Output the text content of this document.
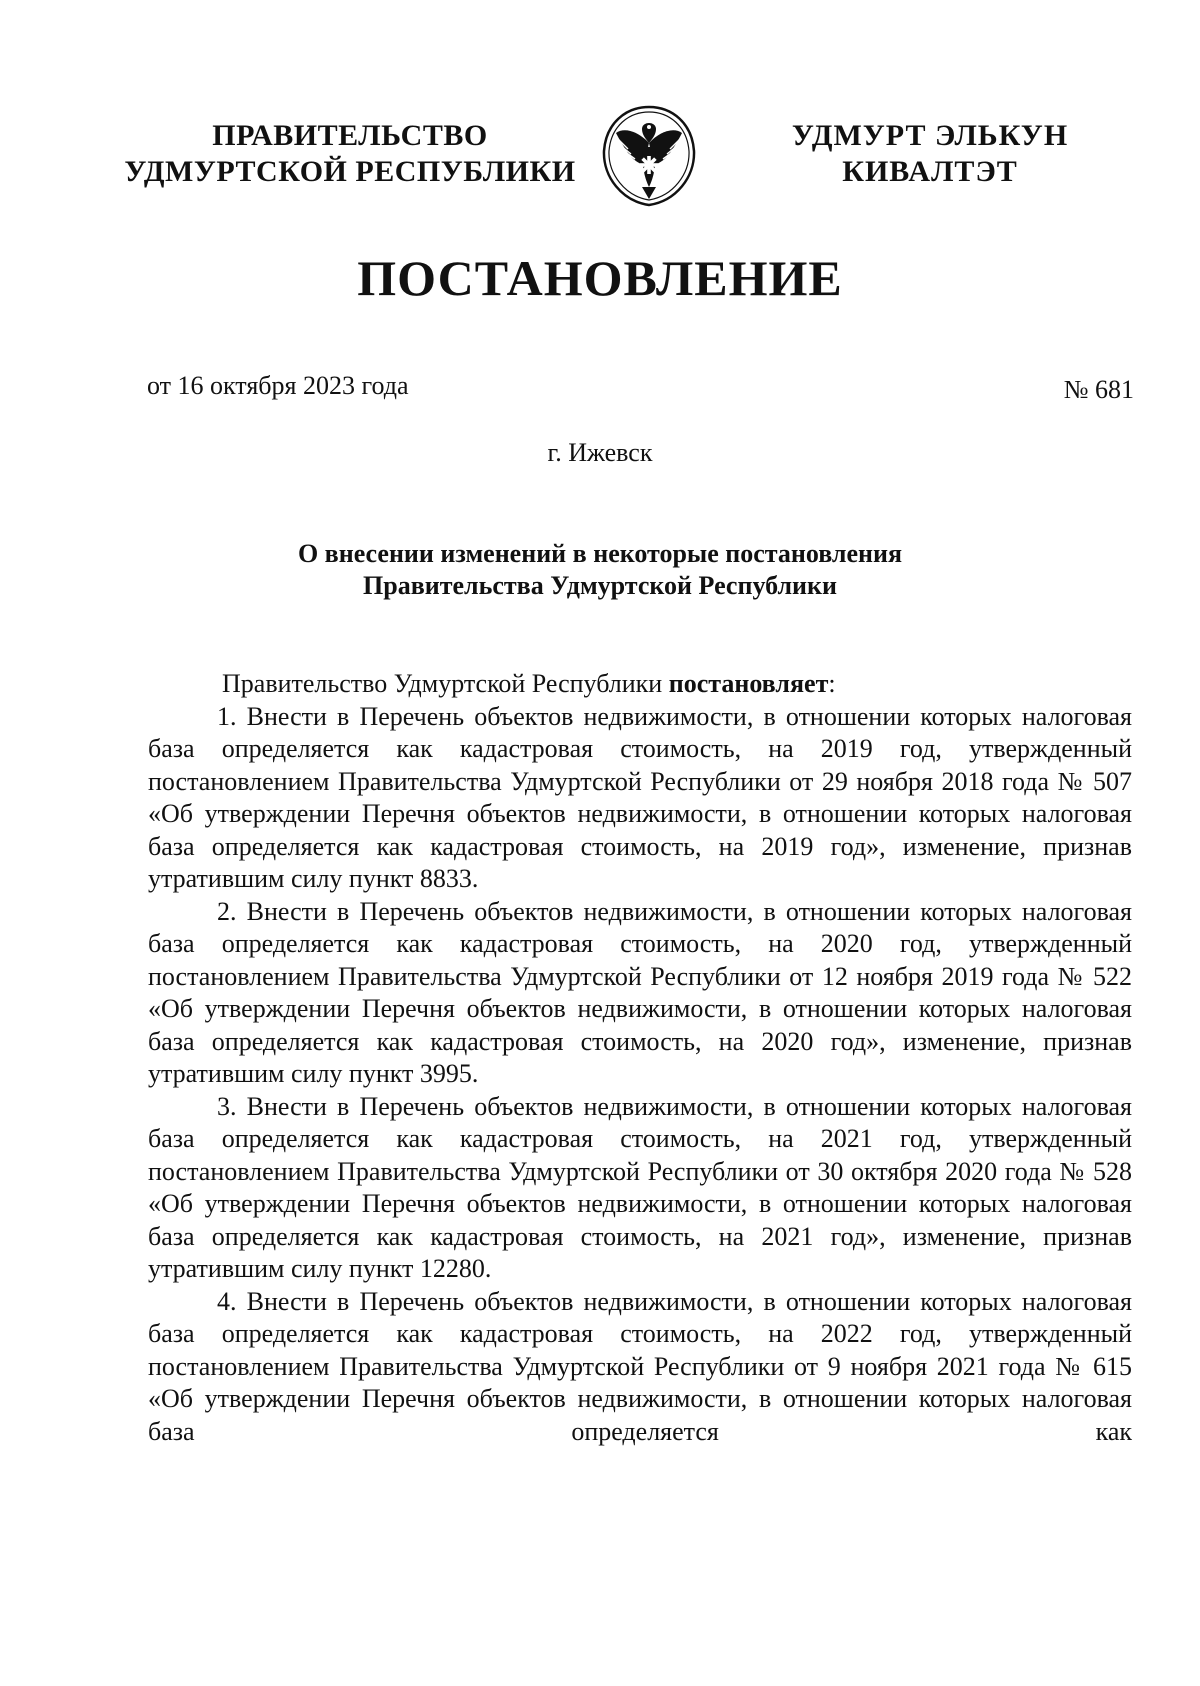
ПРАВИТЕЛЬСТВО
УДМУРТСКОЙ РЕСПУБЛИКИ
УДМУРТ ЭЛЬКУН
КИВАЛТЭТ
ПОСТАНОВЛЕНИЕ
от 16 октября 2023 года	№ 681
г. Ижевск
О внесении изменений в некоторые постановления
Правительства Удмуртской Республики

Правительство Удмуртской Республики постановляет:

1. Внести в Перечень объектов недвижимости, в отношении которых налоговая база определяется как кадастровая стоимость, на 2019 год, утвержденный постановлением Правительства Удмуртской Республики от 29 ноября 2018 года № 507 «Об утверждении Перечня объектов недвижимости, в отношении которых налоговая база определяется как кадастровая стоимость, на 2019 год», изменение, признав утратившим силу пункт 8833.

2. Внести в Перечень объектов недвижимости, в отношении которых налоговая база определяется как кадастровая стоимость, на 2020 год, утвержденный постановлением Правительства Удмуртской Республики от 12 ноября 2019 года № 522 «Об утверждении Перечня объектов недвижимости, в отношении которых налоговая база определяется как кадастровая стоимость, на 2020 год», изменение, признав утратившим силу пункт 3995.

3. Внести в Перечень объектов недвижимости, в отношении которых налоговая база определяется как кадастровая стоимость, на 2021 год, утвержденный постановлением Правительства Удмуртской Республики от 30 октября 2020 года № 528 «Об утверждении Перечня объектов недвижимости, в отношении которых налоговая база определяется как кадастровая стоимость, на 2021 год», изменение, признав утратившим силу пункт 12280.

4. Внести в Перечень объектов недвижимости, в отношении которых налоговая база определяется как кадастровая стоимость, на 2022 год, утвержденный постановлением Правительства Удмуртской Республики от 9 ноября 2021 года № 615 «Об утверждении Перечня объектов недвижимости, в отношении которых налоговая база определяется как
